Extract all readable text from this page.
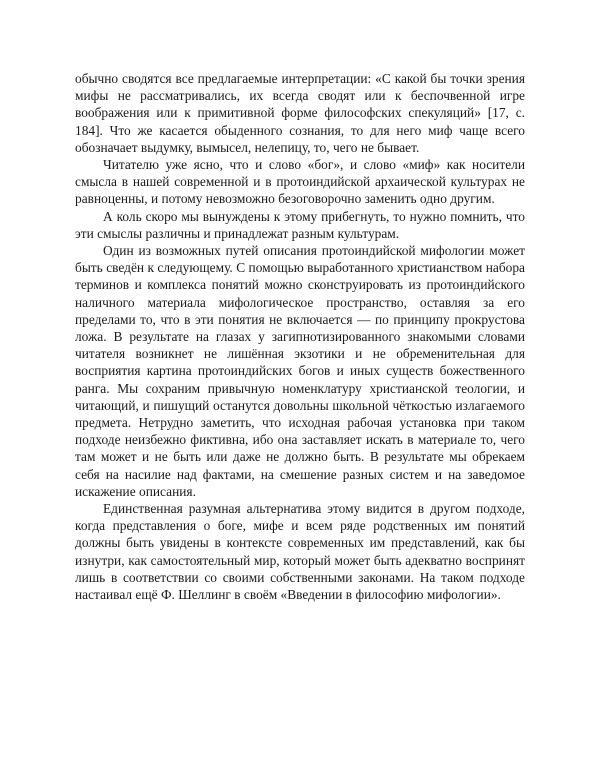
обычно сводятся все предлагаемые интерпретации: «С какой бы точки зрения мифы не рассматривались, их всегда сводят или к беспочвенной игре воображения или к примитивной форме философских спекуляций» [17, с. 184]. Что же касается обыденного сознания, то для него миф чаще всего обозначает выдумку, вымысел, нелепицу, то, чего не бывает.

Читателю уже ясно, что и слово «бог», и слово «миф» как носители смысла в нашей современной и в протоиндийской архаической культурах не равноценны, и потому невозможно безоговорочно заменить одно другим.

А коль скоро мы вынуждены к этому прибегнуть, то нужно помнить, что эти смыслы различны и принадлежат разным культурам.

Один из возможных путей описания протоиндийской мифологии может быть сведён к следующему. С помощью выработанного христианством набора терминов и комплекса понятий можно сконструировать из протоиндийского наличного материала мифологическое пространство, оставляя за его пределами то, что в эти понятия не включается — по принципу прокрустова ложа. В результате на глазах у загипнотизированного знакомыми словами читателя возникнет не лишённая экзотики и не обременительная для восприятия картина протоиндийских богов и иных существ божественного ранга. Мы сохраним привычную номенклатуру христианской теологии, и читающий, и пишущий останутся довольны школьной чёткостью излагаемого предмета. Нетрудно заметить, что исходная рабочая установка при таком подходе неизбежно фиктивна, ибо она заставляет искать в материале то, чего там может и не быть или даже не должно быть. В результате мы обрекаем себя на насилие над фактами, на смешение разных систем и на заведомое искажение описания.

Единственная разумная альтернатива этому видится в другом подходе, когда представления о боге, мифе и всем ряде родственных им понятий должны быть увидены в контексте современных им представлений, как бы изнутри, как самостоятельный мир, который может быть адекватно воспринят лишь в соответствии со своими собственными законами. На таком подходе настаивал ещё Ф. Шеллинг в своём «Введении в философию мифологии».
